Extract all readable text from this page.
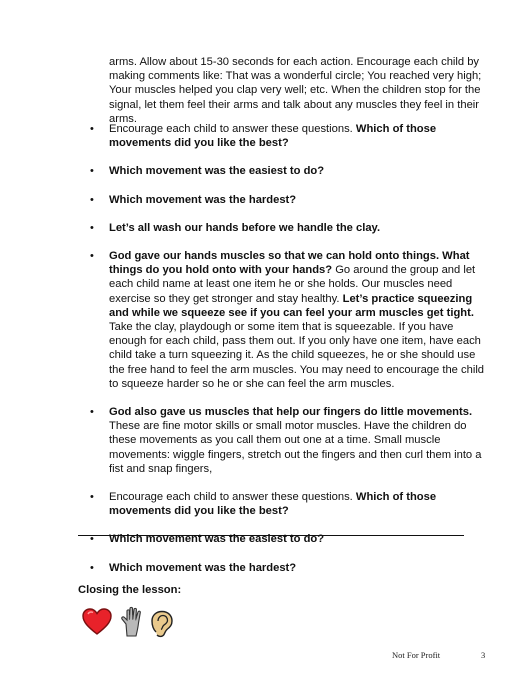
arms. Allow about 15-30 seconds for each action. Encourage each child by making comments like: That was a wonderful circle; You reached very high; Your muscles helped you clap very well; etc. When the children stop for the signal, let them feel their arms and talk about any muscles they feel in their arms.
• Encourage each child to answer these questions. Which of those movements did you like the best?
• Which movement was the easiest to do?
• Which movement was the hardest?
• Let’s all wash our hands before we handle the clay.
• God gave our hands muscles so that we can hold onto things. What things do you hold onto with your hands? Go around the group and let each child name at least one item he or she holds. Our muscles need exercise so they get stronger and stay healthy. Let’s practice squeezing and while we squeeze see if you can feel your arm muscles get tight. Take the clay, playdough or some item that is squeezable. If you have enough for each child, pass them out. If you only have one item, have each child take a turn squeezing it. As the child squeezes, he or she should use the free hand to feel the arm muscles. You may need to encourage the child to squeeze harder so he or she can feel the arm muscles.
• God also gave us muscles that help our fingers do little movements. These are fine motor skills or small motor muscles. Have the children do these movements as you call them out one at a time. Small muscle movements: wiggle fingers, stretch out the fingers and then curl them into a fist and snap fingers,
• Encourage each child to answer these questions. Which of those movements did you like the best?
• Which movement was the easiest to do?
• Which movement was the hardest?
Closing the lesson:
Not For Profit	3
